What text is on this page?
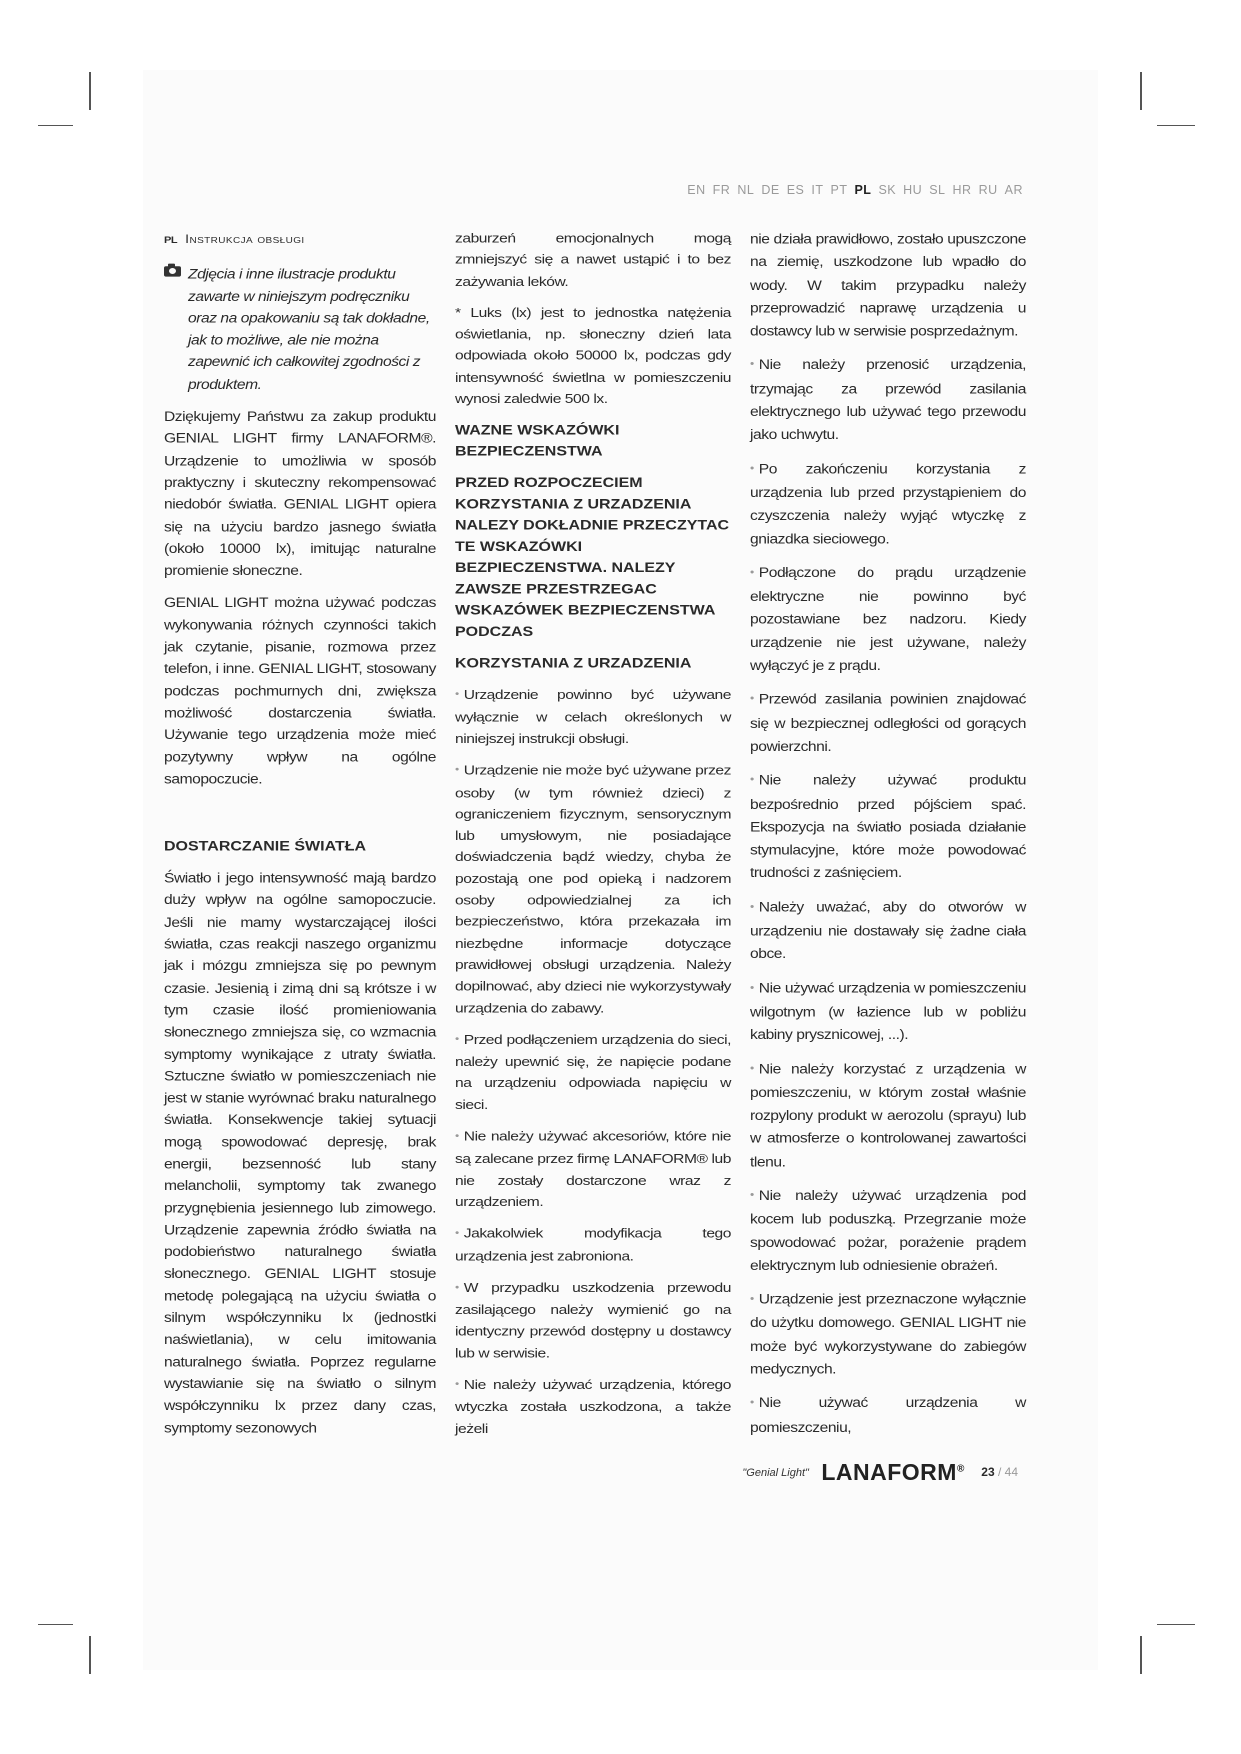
EN FR NL DE ES IT PT PL SK HU SL HR RU AR
PL Instrukcja obsługi
Zdjęcia i inne ilustracje produktu zawarte w niniejszym podręczniku oraz na opakowaniu są tak dokładne, jak to możliwe, ale nie można zapewnić ich całkowitej zgodności z produktem.

Dziękujemy Państwu za zakup produktu GENIAL LIGHT firmy LANAFORM®. Urządzenie to umożliwia w sposób praktyczny i skuteczny rekompensować niedobór światła. GENIAL LIGHT opiera się na użyciu bardzo jasnego światła (około 10000 lx), imitując naturalne promienie słoneczne.

GENIAL LIGHT można używać podczas wykonywania różnych czynności takich jak czytanie, pisanie, rozmowa przez telefon, i inne. GENIAL LIGHT, stosowany podczas pochmurnych dni, zwiększa możliwość dostarczenia światła. Używanie tego urządzenia może mieć pozytywny wpływ na ogólne samopoczucie.

DOSTARCZANIE ŚWIATŁA

Światło i jego intensywność mają bardzo duży wpływ na ogólne samopoczucie. Jeśli nie mamy wystarczającej ilości światła, czas reakcji naszego organizmu jak i mózgu zmniejsza się po pewnym czasie. Jesienią i zimą dni są krótsze i w tym czasie ilość promieniowania słonecznego zmniejsza się, co wzmacnia symptomy wynikające z utraty światła. Sztuczne światło w pomieszczeniach nie jest w stanie wyrównać braku naturalnego światła. Konsekwencje takiej sytuacji mogą spowodować depresję, brak energii, bezsenność lub stany melancholii, symptomy tak zwanego przygnębienia jesiennego lub zimowego. Urządzenie zapewnia źródło światła na podobieństwo naturalnego światła słonecznego. GENIAL LIGHT stosuje metodę polegającą na użyciu światła o silnym współczynniku lx (jednostki naświetlania), w celu imitowania naturalnego światła. Poprzez regularne wystawianie się na światło o silnym współczynniku lx przez dany czas, symptomy sezonowych

zaburzeń emocjonalnych mogą zmniejszyć się a nawet ustąpić i to bez zażywania leków.

* Luks (lx) jest to jednostka natężenia oświetlania, np. słoneczny dzień lata odpowiada około 50000 lx, podczas gdy intensywność świetlna w pomieszczeniu wynosi zaledwie 500 lx.

WAZNE WSKAZÓWKI BEZPIECZENSTWA
PRZED ROZPOCZECIEM KORZYSTANIA Z URZADZENIA NALEZY DOKŁADNIE PRZECZYTAC TE WSKAZÓWKI BEZPIECZENSTWA. NALEZY ZAWSZE PRZESTRZEGAC WSKAZÓWEK BEZPIECZENSTWA PODCZAS
KORZYSTANIA Z URZADZENIA

• Urządzenie powinno być używane wyłącznie w celach określonych w niniejszej instrukcji obsługi.

• Urządzenie nie może być używane przez osoby (w tym również dzieci) z ograniczeniem fizycznym, sensorycznym lub umysłowym, nie posiadające doświadczenia bądź wiedzy, chyba że pozostają one pod opieką i nadzorem osoby odpowiedzialnej za ich bezpieczeństwo, która przekazała im niezbędne informacje dotyczące prawidłowej obsługi urządzenia. Należy dopilnować, aby dzieci nie wykorzystywały urządzenia do zabawy.

• Przed podłączeniem urządzenia do sieci, należy upewnić się, że napięcie podane na urządzeniu odpowiada napięciu w sieci.

• Nie należy używać akcesoriów, które nie są zalecane przez firmę LANAFORM® lub nie zostały dostarczone wraz z urządzeniem.

• Jakakolwiek modyfikacja tego urządzenia jest zabroniona.

• W przypadku uszkodzenia przewodu zasilającego należy wymienić go na identyczny przewód dostępny u dostawcy lub w serwisie.

• Nie należy używać urządzenia, którego wtyczka została uszkodzona, a także jeżeli

nie działa prawidłowo, zostało upuszczone na ziemię, uszkodzone lub wpadło do wody. W takim przypadku należy przeprowadzić naprawę urządzenia u dostawcy lub w serwisie posprzedażnym.

• Nie należy przenosić urządzenia, trzymając za przewód zasilania elektrycznego lub używać tego przewodu jako uchwytu.

• Po zakończeniu korzystania z urządzenia lub przed przystąpieniem do czyszczenia należy wyjąć wtyczkę z gniazdka sieciowego.

• Podłączone do prądu urządzenie elektryczne nie powinno być pozostawiane bez nadzoru. Kiedy urządzenie nie jest używane, należy wyłączyć je z prądu.

• Przewód zasilania powinien znajdować się w bezpiecznej odległości od gorących powierzchni.

• Nie należy używać produktu bezpośrednio przed pójściem spać. Ekspozycja na światło posiada działanie stymulacyjne, które może powodować trudności z zaśnięciem.

• Należy uważać, aby do otworów w urządzeniu nie dostawały się żadne ciała obce.

• Nie używać urządzenia w pomieszczeniu wilgotnym (w łazience lub w pobliżu kabiny prysznicowej, ...).

• Nie należy korzystać z urządzenia w pomieszczeniu, w którym został właśnie rozpylony produkt w aerozolu (sprayu) lub w atmosferze o kontrolowanej zawartości tlenu.

• Nie należy używać urządzenia pod kocem lub poduszką. Przegrzanie może spowodować pożar, porażenie prądem elektrycznym lub odniesienie obrażeń.

• Urządzenie jest przeznaczone wyłącznie do użytku domowego. GENIAL LIGHT nie może być wykorzystywane do zabiegów medycznych.

• Nie używać urządzenia w pomieszczeniu,

$^{"Genial Light"}$ LANAFORM® $^{23 / 44}$
